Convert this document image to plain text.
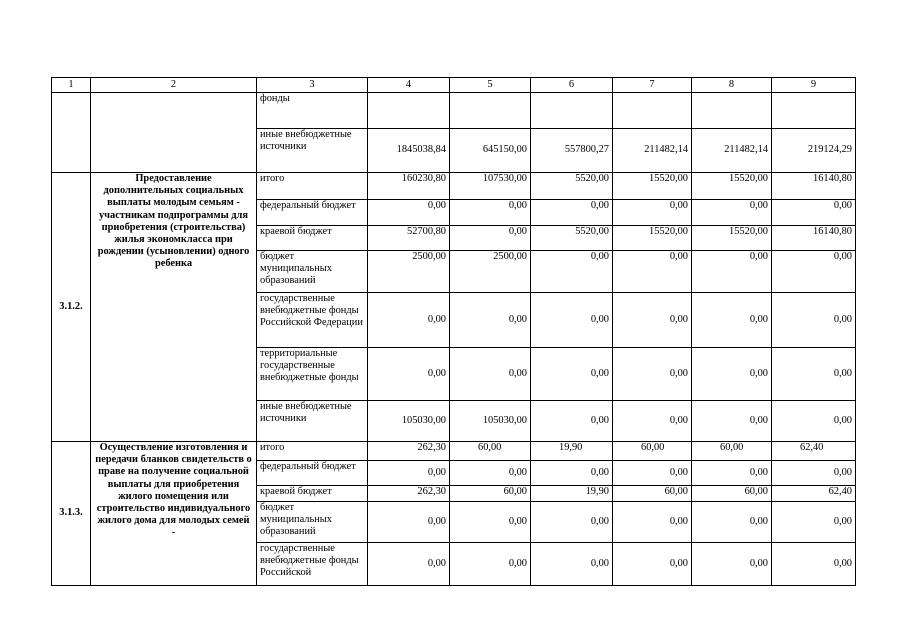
1	2	3	4	5	6	7	8	9
		фонды						
		иные внебюджетные источники	1845038,84	645150,00	557800,27	211482,14	211482,14	219124,29
3.1.2.	Предоставление дополнительных социальных выплаты молодым семьям - участникам подпрограммы для приобретения (строительства) жилья экономкласса при рождении (усыновлении) одного ребенка	итого	160230,80	107530,00	5520,00	15520,00	15520,00	16140,80
		федеральный бюджет	0,00	0,00	0,00	0,00	0,00	0,00
		краевой бюджет	52700,80	0,00	5520,00	15520,00	15520,00	16140,80
		бюджет муниципальных образований	2500,00	2500,00	0,00	0,00	0,00	0,00
		государственные внебюджетные фонды Российской Федерации	0,00	0,00	0,00	0,00	0,00	0,00
		территориальные государственные внебюджетные фонды	0,00	0,00	0,00	0,00	0,00	0,00
		иные внебюджетные источники	105030,00	105030,00	0,00	0,00	0,00	0,00
3.1.3.	Осуществление изготовления и передачи бланков свидетельств о праве на получение социальной выплаты для приобретения жилого помещения или строительство индивидуального жилого дома для молодых семей -	итого	262,30	60,00	19,90	60,00	60,00	62,40
		федеральный бюджет	0,00	0,00	0,00	0,00	0,00	0,00
		краевой бюджет	262,30	60,00	19,90	60,00	60,00	62,40
		бюджет муниципальных образований	0,00	0,00	0,00	0,00	0,00	0,00
		государственные внебюджетные фонды Российской	0,00	0,00	0,00	0,00	0,00	0,00
